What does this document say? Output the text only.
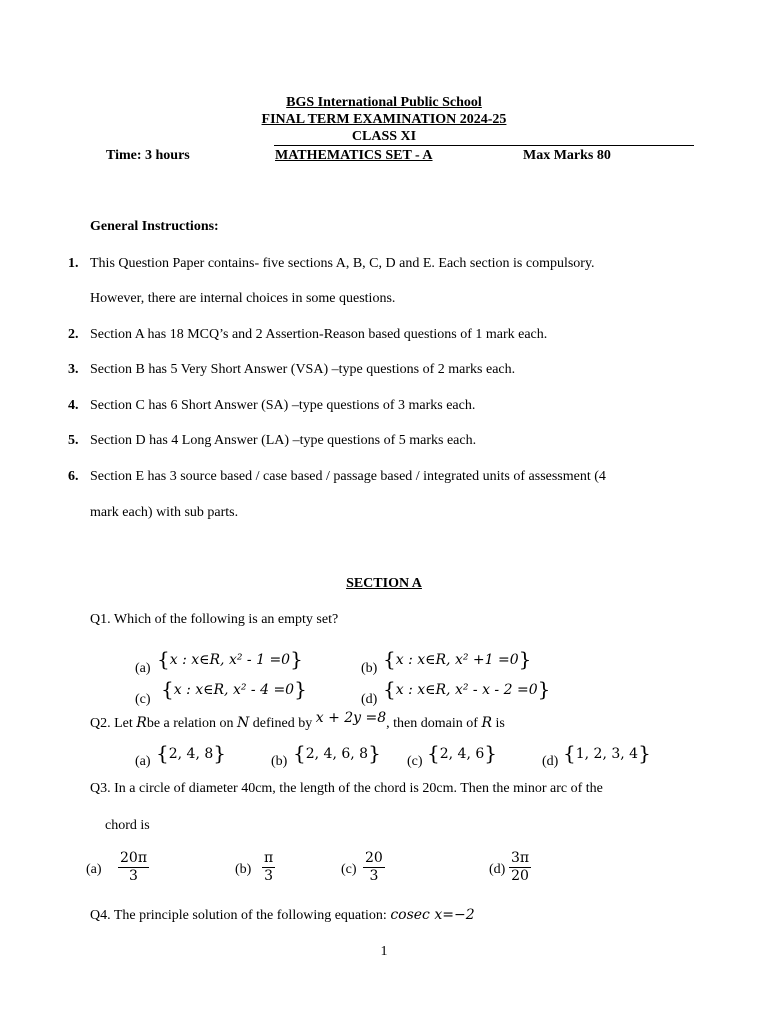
BGS International Public School
FINAL TERM EXAMINATION 2024-25
CLASS XI
Time: 3 hours	MATHEMATICS SET - A	Max Marks 80
General Instructions:
1. This Question Paper contains- five sections A, B, C, D and E. Each section is compulsory.
However, there are internal choices in some questions.
2. Section A has 18 MCQ’s and 2 Assertion-Reason based questions of 1 mark each.
3. Section B has 5 Very Short Answer (VSA) –type questions of 2 marks each.
4. Section C has 6 Short Answer (SA) –type questions of 3 marks each.
5. Section D has 4 Long Answer (LA) –type questions of 5 marks each.
6. Section E has 3 source based / case based / passage based / integrated units of assessment (4
mark each) with sub parts.
SECTION A
Q1. Which of the following is an empty set?
(a) {x : x∈R, x² - 1 =0}	(b) {x : x∈R, x² +1 =0}
(c) {x : x∈R, x² - 4 =0}	(d) {x : x∈R, x² - x - 2 =0}
Q2. Let Rbe a relation on N defined by x + 2y =8, then domain of R is
(a) {2, 4, 8}	(b) {2, 4, 6, 8} (c) {2, 4, 6}	(d) {1, 2, 3, 4}
Q3. In a circle of diameter 40cm, the length of the chord is 20cm. Then the minor arc of the
chord is
$(a) \frac{20\pi}{3}$	$(b) \frac{\pi}{3}$	$(c) \frac{20}{3}$	$(d) \frac{3\pi}{20}$
Q4. The principle solution of the following equation: cosec x=−2
1
